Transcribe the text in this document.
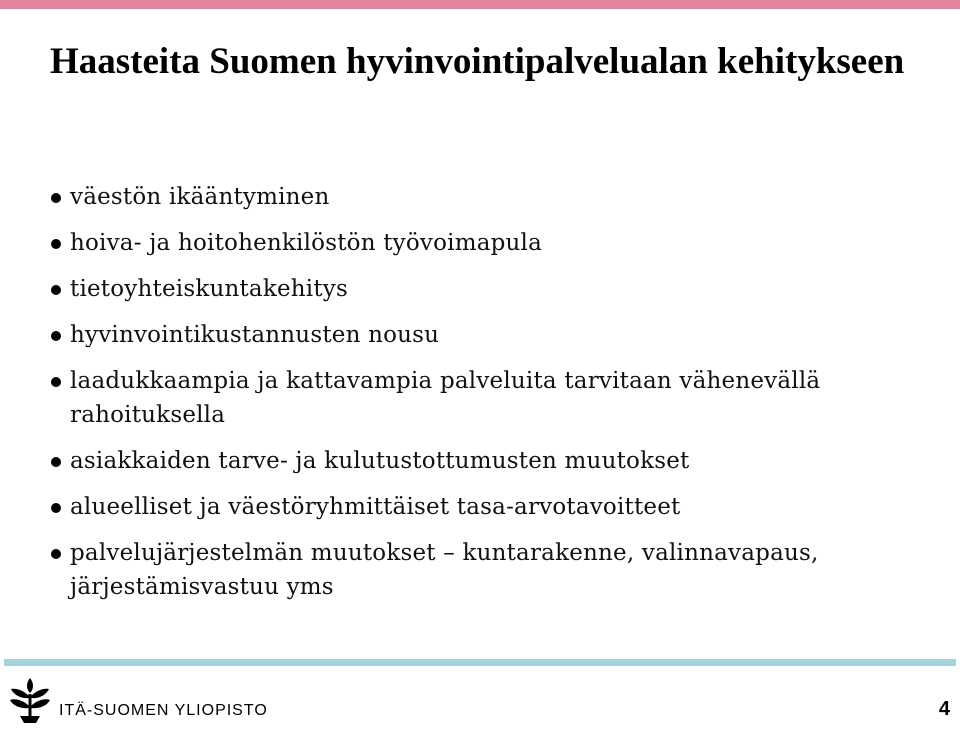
Haasteita Suomen hyvinvointipalvelualan kehitykseen
väestön ikääntyminen
hoiva- ja hoitohenkilöstön työvoimapula
tietoyhteiskuntakehitys
hyvinvointikustannusten nousu
laadukkaampia ja kattavampia palveluita tarvitaan vähenevällä rahoituksella
asiakkaiden tarve- ja kulutustottumusten muutokset
alueelliset ja väestöryhmittäiset tasa-arvotavoitteet
palvelujärjestelmän muutokset – kuntarakenne, valinnavapaus, järjestämisvastuu yms
ITÄ-SUOMEN YLIOPISTO	4
